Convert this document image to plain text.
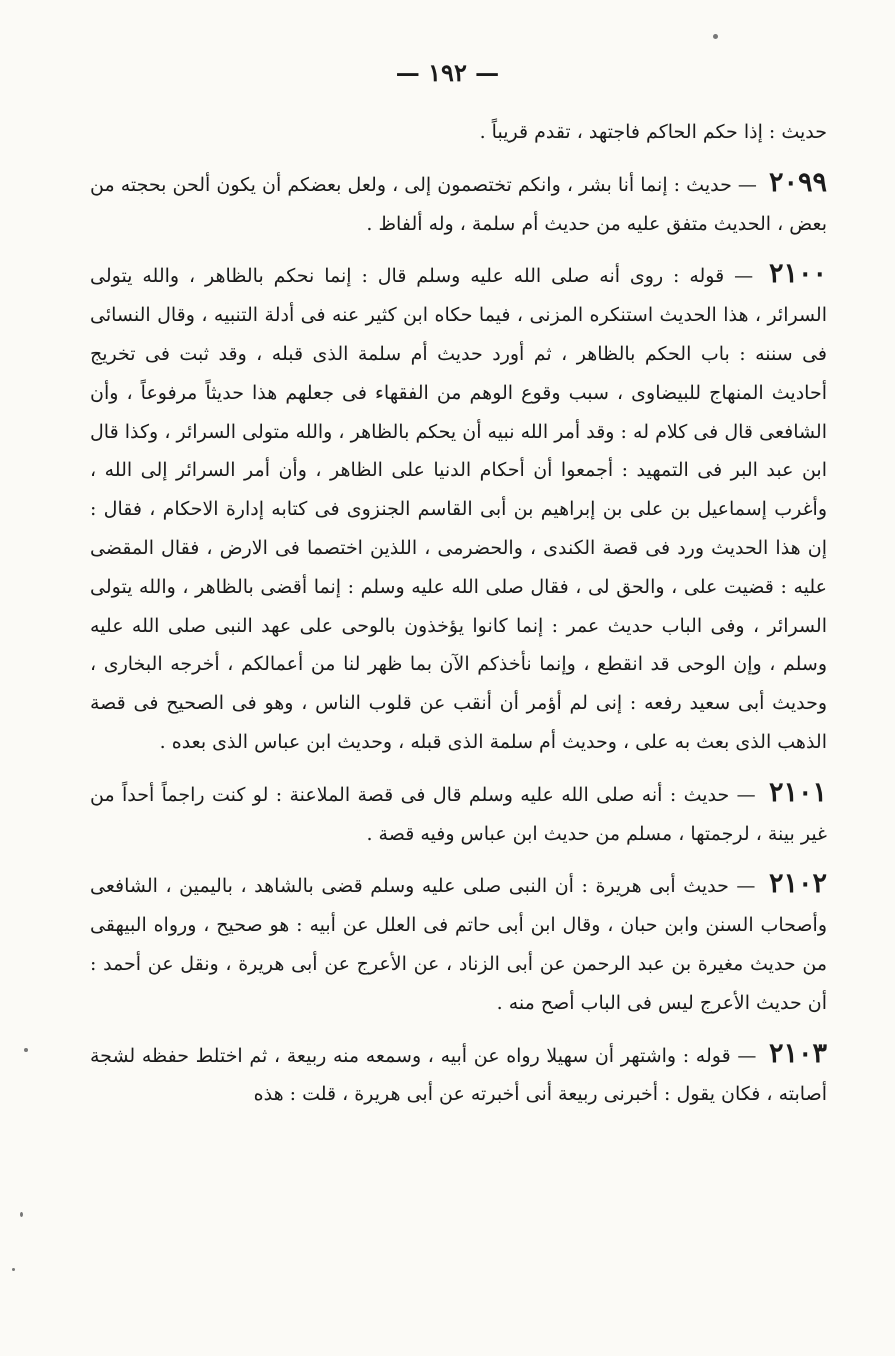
— ١٩٢ —

حديث : إذا حكم الحاكم فاجتهد ، تقدم قريباً .

٢٠٩٩ — حديث : إنما أنا بشر ، وانكم تختصمون إلى ، ولعل بعضكم أن يكون ألحن بحجته من بعض ، الحديث متفق عليه من حديث أم سلمة ، وله ألفاظ .

٢١٠٠ — قوله : روى أنه صلى الله عليه وسلم قال : إنما نحكم بالظاهر ، والله يتولى السرائر ، هذا الحديث استنكره المزنى ، فيما حكاه ابن كثير عنه فى أدلة التنبيه ، وقال النسائى فى سننه : باب الحكم بالظاهر ، ثم أورد حديث أم سلمة الذى قبله ، وقد ثبت فى تخريج أحاديث المنهاج للبيضاوى ، سبب وقوع الوهم من الفقهاء فى جعلهم هذا حديثاً مرفوعاً ، وأن الشافعى قال فى كلام له : وقد أمر الله نبيه أن يحكم بالظاهر ، والله متولى السرائر ، وكذا قال ابن عبد البر فى التمهيد : أجمعوا أن أحكام الدنيا على الظاهر ، وأن أمر السرائر إلى الله ، وأغرب إسماعيل بن على بن إبراهيم بن أبى القاسم الجنزوى فى كتابه إدارة الاحكام ، فقال : إن هذا الحديث ورد فى قصة الكندى ، والحضرمى ، اللذين اختصما فى الارض ، فقال المقضى عليه : قضيت على ، والحق لى ، فقال صلى الله عليه وسلم : إنما أقضى بالظاهر ، والله يتولى السرائر ، وفى الباب حديث عمر : إنما كانوا يؤخذون بالوحى على عهد النبى صلى الله عليه وسلم ، وإن الوحى قد انقطع ، وإنما نأخذكم الآن بما ظهر لنا من أعمالكم ، أخرجه البخارى ، وحديث أبى سعيد رفعه : إنى لم أؤمر أن أنقب عن قلوب الناس ، وهو فى الصحيح فى قصة الذهب الذى بعث به على ، وحديث أم سلمة الذى قبله ، وحديث ابن عباس الذى بعده .

٢١٠١ — حديث : أنه صلى الله عليه وسلم قال فى قصة الملاعنة : لو كنت راجماً أحداً من غير بينة ، لرجمتها ، مسلم من حديث ابن عباس وفيه قصة .

٢١٠٢ — حديث أبى هريرة : أن النبى صلى عليه وسلم قضى بالشاهد ، باليمين ، الشافعى وأصحاب السنن وابن حبان ، وقال ابن أبى حاتم فى العلل عن أبيه : هو صحيح ، ورواه البيهقى من حديث مغيرة بن عبد الرحمن عن أبى الزناد ، عن الأعرج عن أبى هريرة ، ونقل عن أحمد : أن حديث الأعرج ليس فى الباب أصح منه .

٢١٠٣ — قوله : واشتهر أن سهيلا رواه عن أبيه ، وسمعه منه ربيعة ، ثم اختلط حفظه لشجة أصابته ، فكان يقول : أخبرنى ربيعة أنى أخبرته عن أبى هريرة ، قلت : هذه
